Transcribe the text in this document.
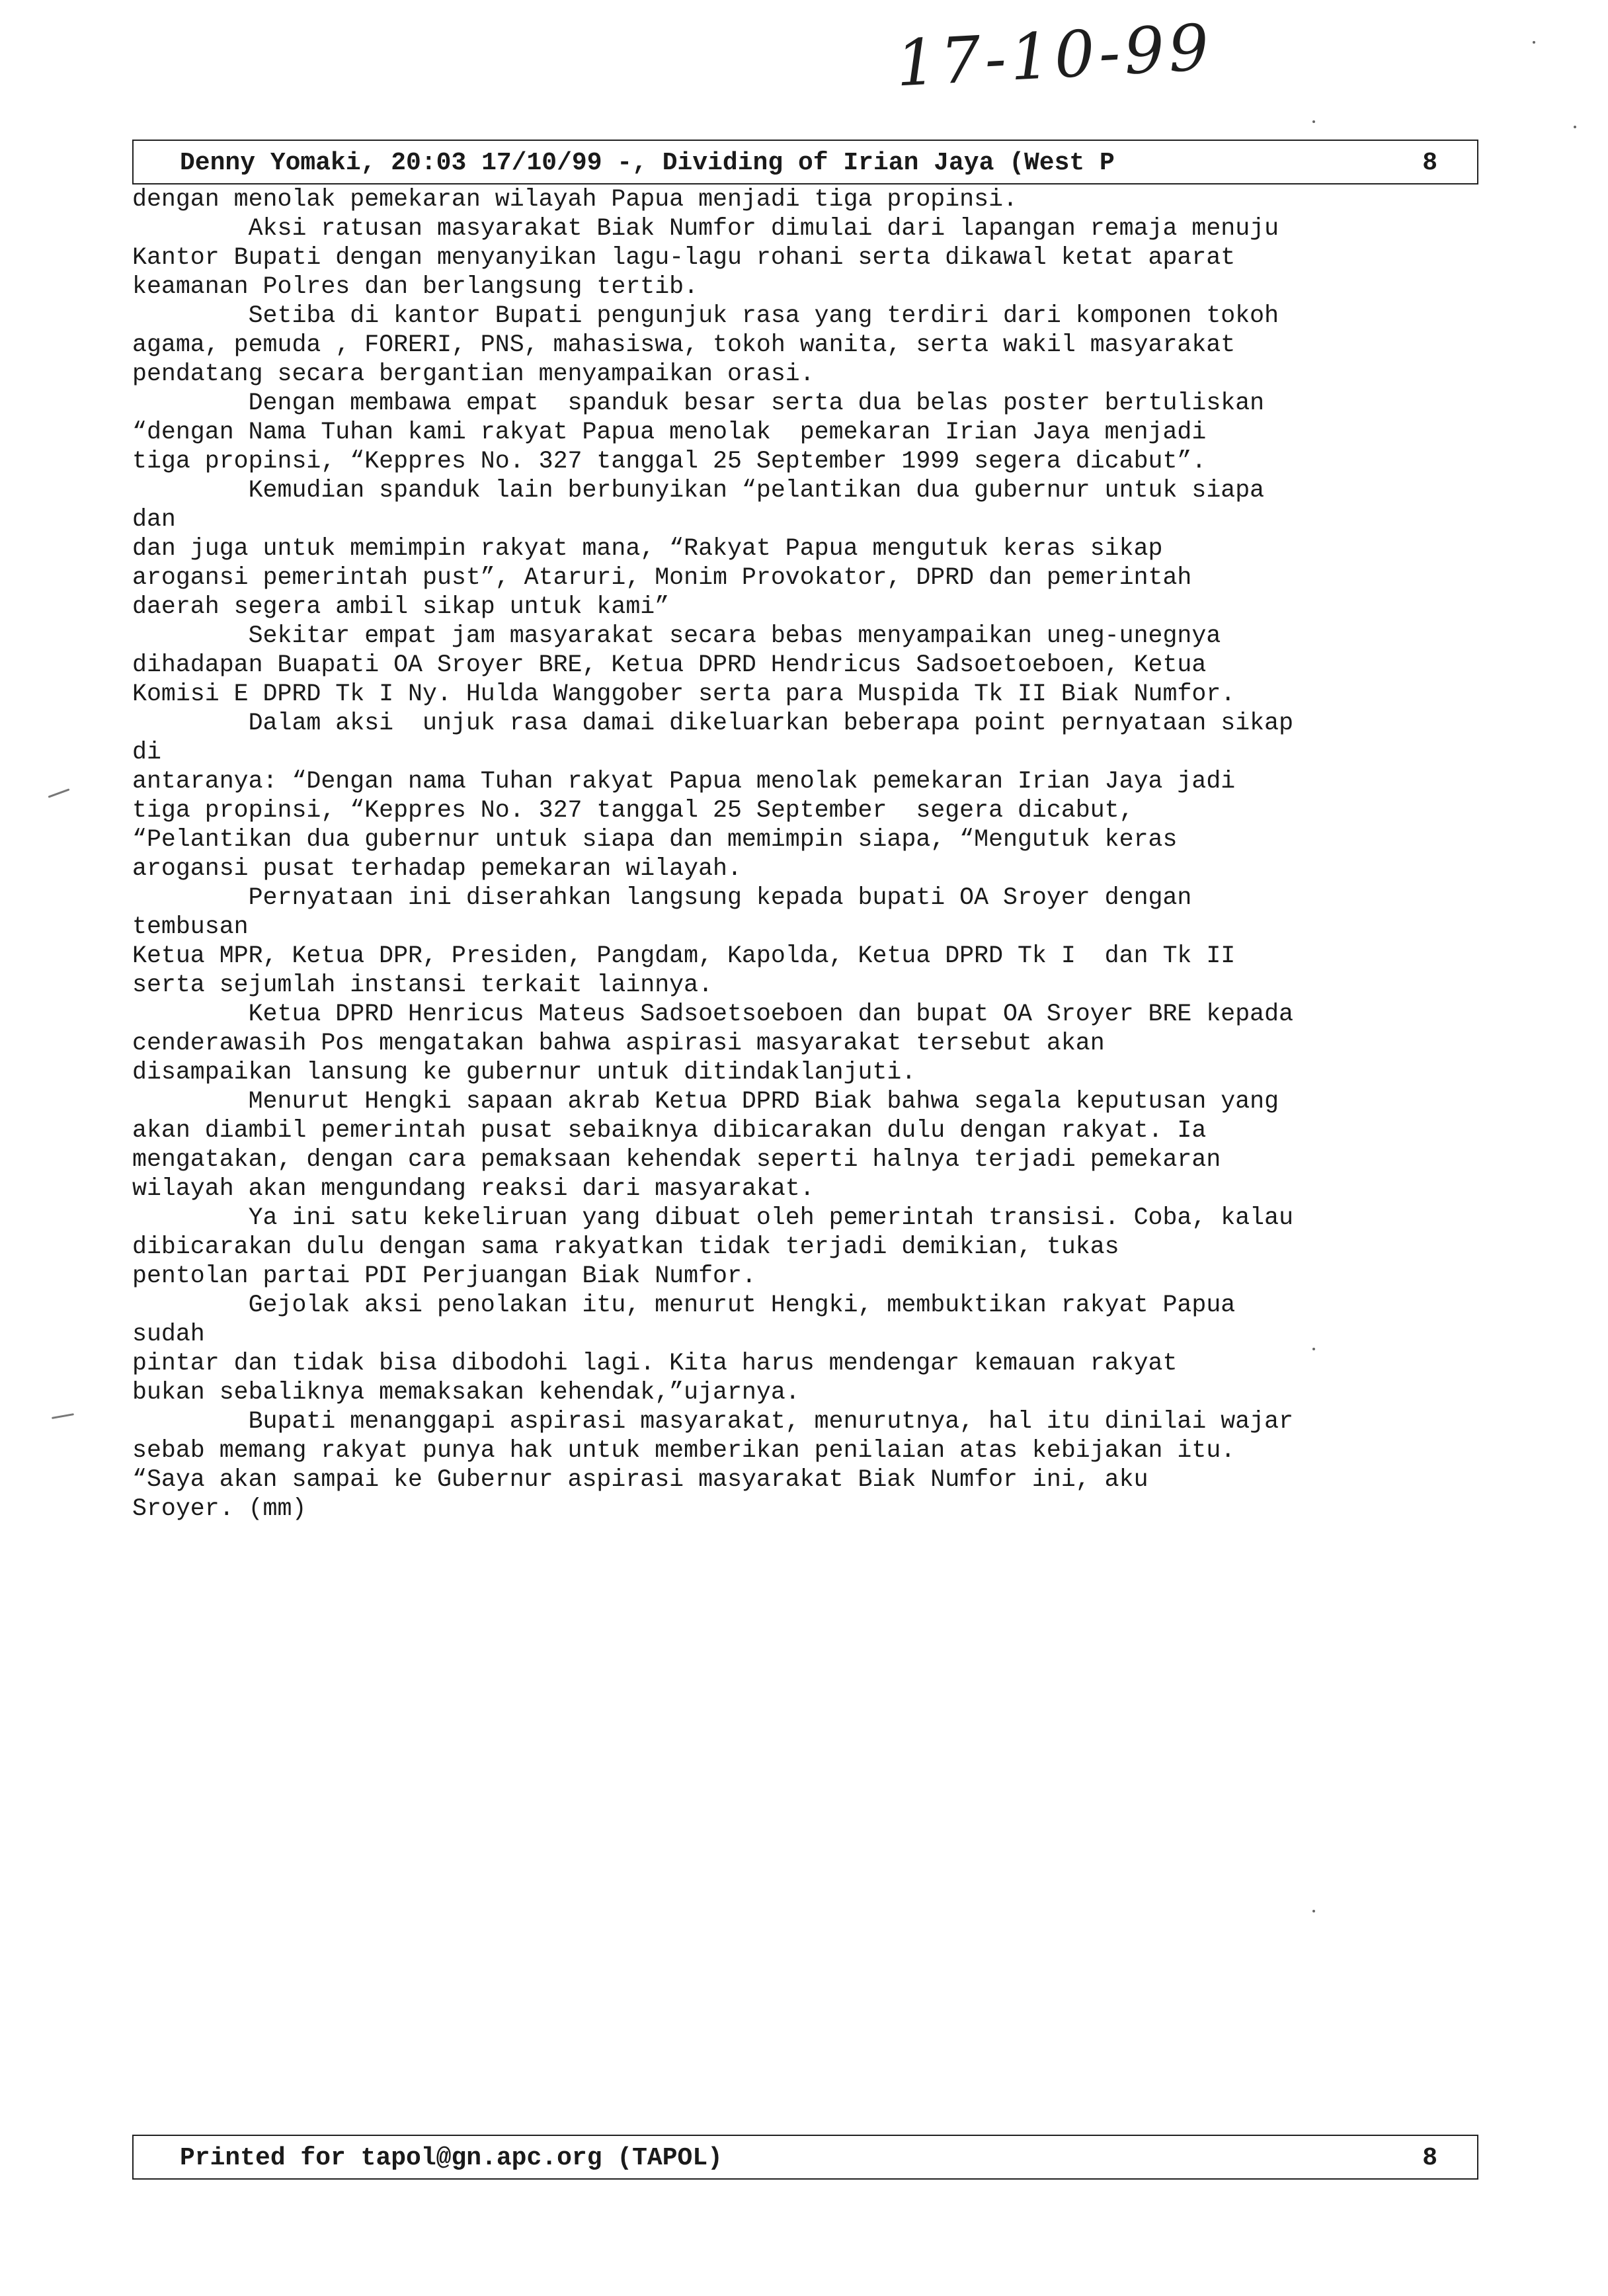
17-10-99
Denny Yomaki, 20:03 17/10/99 -, Dividing of Irian Jaya (West P	8
dengan menolak pemekaran wilayah Papua menjadi tiga propinsi.
Aksi ratusan masyarakat Biak Numfor dimulai dari lapangan remaja menuju
Kantor Bupati dengan menyanyikan lagu-lagu rohani serta dikawal ketat aparat
keamanan Polres dan berlangsung tertib.
Setiba di kantor Bupati pengunjuk rasa yang terdiri dari komponen tokoh
agama, pemuda , FORERI, PNS, mahasiswa, tokoh wanita, serta wakil masyarakat
pendatang secara bergantian menyampaikan orasi.
Dengan membawa empat  spanduk besar serta dua belas poster bertuliskan
“dengan Nama Tuhan kami rakyat Papua menolak  pemekaran Irian Jaya menjadi
tiga propinsi, “Keppres No. 327 tanggal 25 September 1999 segera dicabut”.
Kemudian spanduk lain berbunyikan “pelantikan dua gubernur untuk siapa
dan
dan juga untuk memimpin rakyat mana, “Rakyat Papua mengutuk keras sikap
arogansi pemerintah pust”, Ataruri, Monim Provokator, DPRD dan pemerintah
daerah segera ambil sikap untuk kami”
Sekitar empat jam masyarakat secara bebas menyampaikan uneg-unegnya
dihadapan Buapati OA Sroyer BRE, Ketua DPRD Hendricus Sadsoetoeboen, Ketua
Komisi E DPRD Tk I Ny. Hulda Wanggober serta para Muspida Tk II Biak Numfor.
Dalam aksi  unjuk rasa damai dikeluarkan beberapa point pernyataan sikap
di
antaranya: “Dengan nama Tuhan rakyat Papua menolak pemekaran Irian Jaya jadi
tiga propinsi, “Keppres No. 327 tanggal 25 September  segera dicabut,
“Pelantikan dua gubernur untuk siapa dan memimpin siapa, “Mengutuk keras
arogansi pusat terhadap pemekaran wilayah.
Pernyataan ini diserahkan langsung kepada bupati OA Sroyer dengan
tembusan
Ketua MPR, Ketua DPR, Presiden, Pangdam, Kapolda, Ketua DPRD Tk I  dan Tk II
serta sejumlah instansi terkait lainnya.
Ketua DPRD Henricus Mateus Sadsoetsoeboen dan bupat OA Sroyer BRE kepada
cenderawasih Pos mengatakan bahwa aspirasi masyarakat tersebut akan
disampaikan lansung ke gubernur untuk ditindaklanjuti.
Menurut Hengki sapaan akrab Ketua DPRD Biak bahwa segala keputusan yang
akan diambil pemerintah pusat sebaiknya dibicarakan dulu dengan rakyat. Ia
mengatakan, dengan cara pemaksaan kehendak seperti halnya terjadi pemekaran
wilayah akan mengundang reaksi dari masyarakat.
Ya ini satu kekeliruan yang dibuat oleh pemerintah transisi. Coba, kalau
dibicarakan dulu dengan sama rakyatkan tidak terjadi demikian, tukas
pentolan partai PDI Perjuangan Biak Numfor.
Gejolak aksi penolakan itu, menurut Hengki, membuktikan rakyat Papua
sudah
pintar dan tidak bisa dibodohi lagi. Kita harus mendengar kemauan rakyat
bukan sebaliknya memaksakan kehendak,”ujarnya.
Bupati menanggapi aspirasi masyarakat, menurutnya, hal itu dinilai wajar
sebab memang rakyat punya hak untuk memberikan penilaian atas kebijakan itu.
“Saya akan sampai ke Gubernur aspirasi masyarakat Biak Numfor ini, aku
Sroyer. (mm)
Printed for tapol@gn.apc.org (TAPOL)	8
